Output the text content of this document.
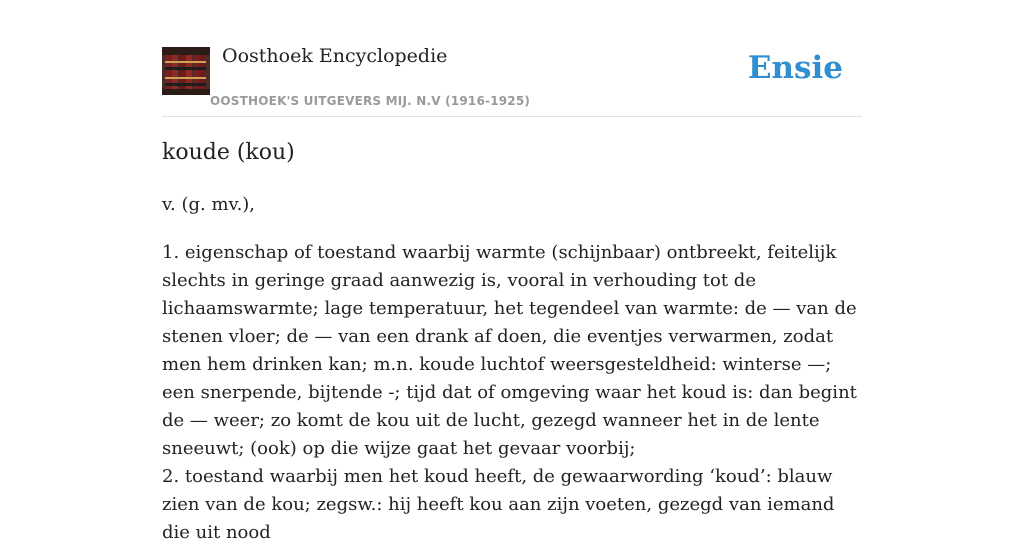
Oosthoek Encyclopedie
OOSTHOEK'S UITGEVERS MIJ. N.V (1916-1925)
Ensie
koude (kou)
v. (g. mv.),

1. eigenschap of toestand waarbij warmte (schijnbaar) ontbreekt, feitelijk slechts in geringe graad aanwezig is, vooral in verhouding tot de lichaamswarmte; lage temperatuur, het tegendeel van warmte: de — van de stenen vloer; de — van een drank af doen, die eventjes verwarmen, zodat men hem drinken kan; m.n. koude luchtof weersgesteldheid: winterse —; een snerpende, bijtende -; tijd dat of omgeving waar het koud is: dan begint de — weer; zo komt de kou uit de lucht, gezegd wanneer het in de lente sneeuwt; (ook) op die wijze gaat het gevaar voorbij;

2. toestand waarbij men het koud heeft, de gewaarwording ‘koud’: blauw zien van de kou; zegsw.: hij heeft kou aan zijn voeten, gezegd van iemand die uit nood
